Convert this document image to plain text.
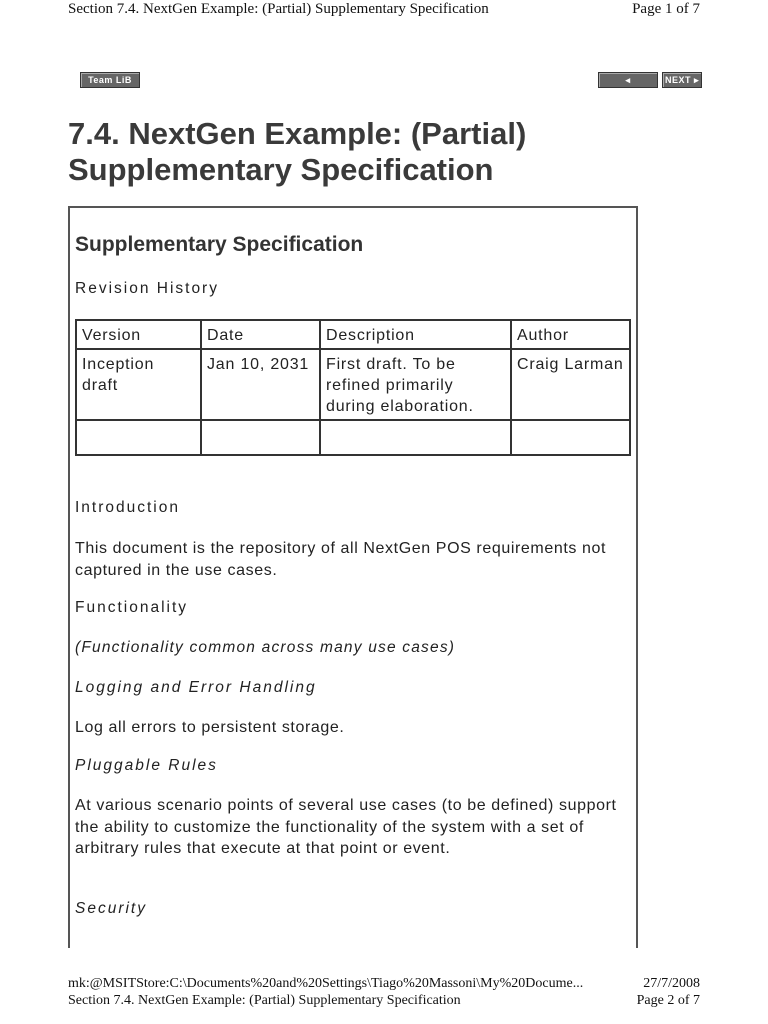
Section 7.4. NextGen Example: (Partial) Supplementary Specification	Page 1 of 7
Team LiB	◂ PREVIOUS
NEXT ▸
7.4. NextGen Example: (Partial) Supplementary Specification
Supplementary Specification
Revision History
Version	Date	Description	Author
Inception draft	Jan 10, 2031	First draft. To be refined primarily during elaboration.	Craig Larman

Introduction
This document is the repository of all NextGen POS requirements not captured in the use cases.
Functionality
(Functionality common across many use cases)
Logging and Error Handling
Log all errors to persistent storage.
Pluggable Rules
At various scenario points of several use cases (to be defined) support the ability to customize the functionality of the system with a set of arbitrary rules that execute at that point or event.
Security
mk:@MSITStore:C:\Documents%20and%20Settings\Tiago%20Massoni\My%20Docume...	27/7/2008
Section 7.4. NextGen Example: (Partial) Supplementary Specification	Page 2 of 7
